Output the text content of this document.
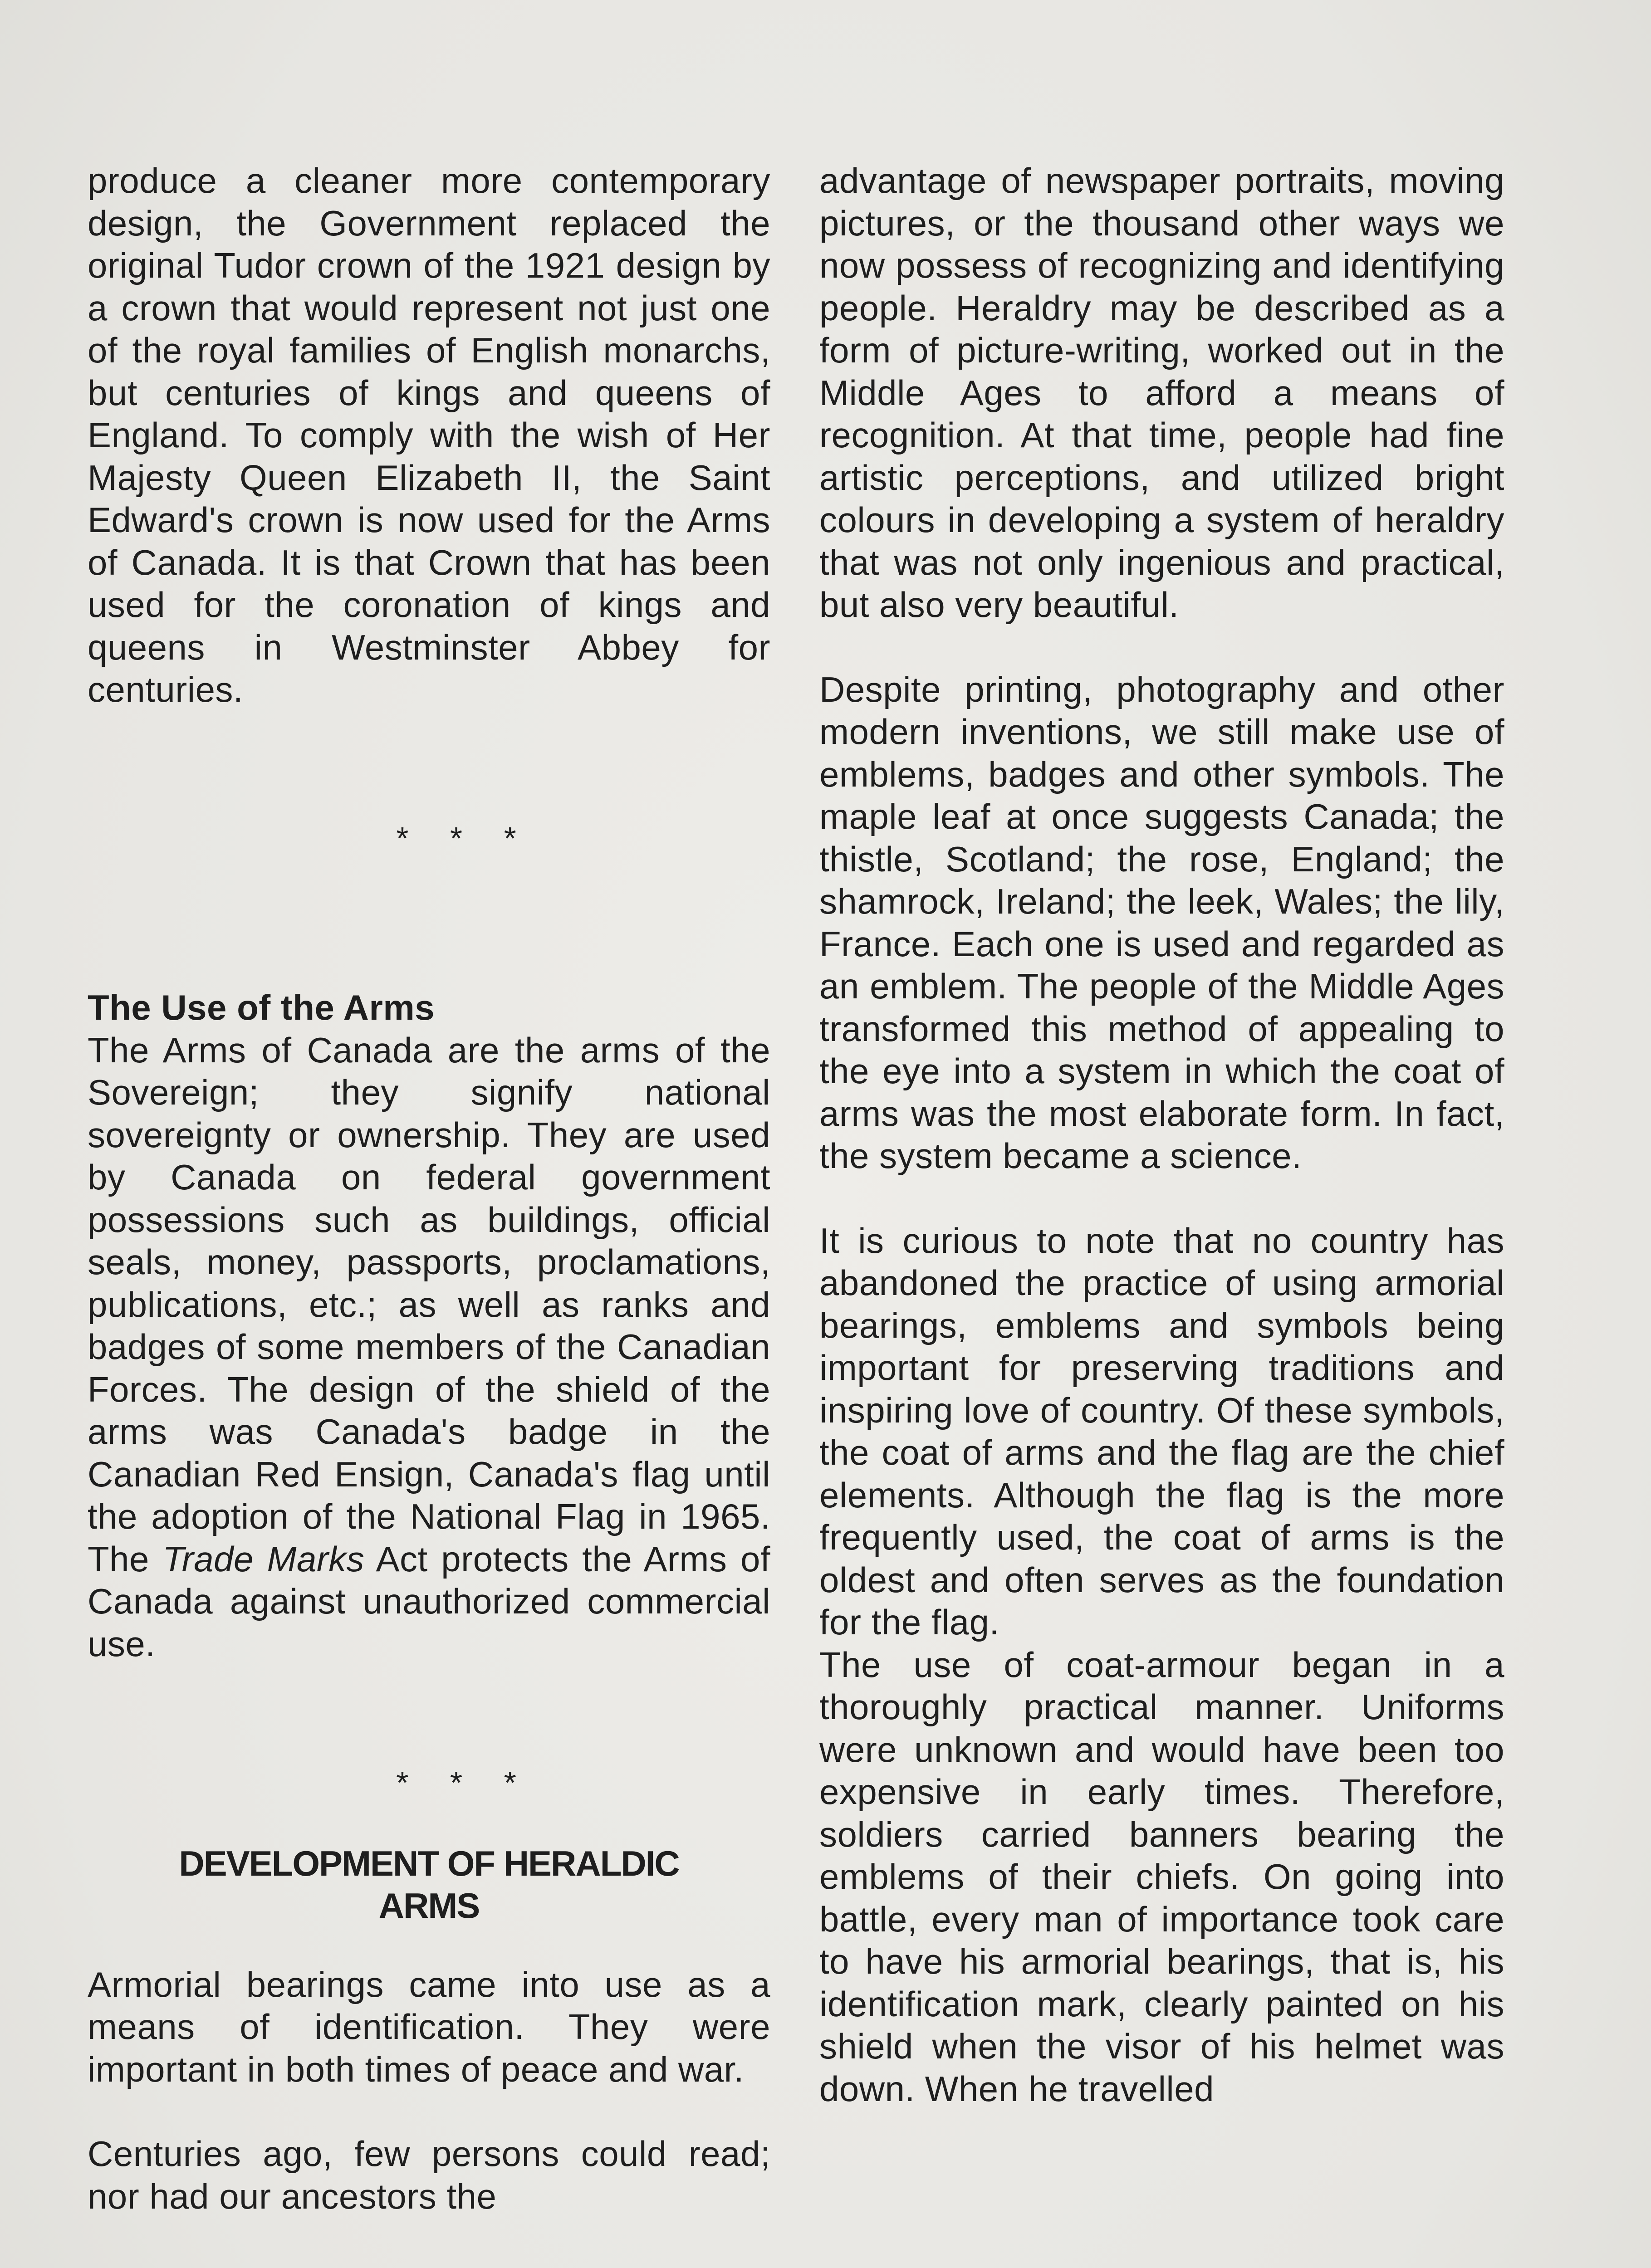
produce a cleaner more contemporary design, the Government replaced the original Tudor crown of the 1921 design by a crown that would represent not just one of the royal families of English monarchs, but centuries of kings and queens of England. To comply with the wish of Her Majesty Queen Elizabeth II, the Saint Edward's crown is now used for the Arms of Canada. It is that Crown that has been used for the coronation of kings and queens in Westminster Abbey for centuries.

* * *

The Use of the Arms

The Arms of Canada are the arms of the Sovereign; they signify national sovereignty or ownership. They are used by Canada on federal government possessions such as buildings, official seals, money, passports, proclamations, publications, etc.; as well as ranks and badges of some members of the Canadian Forces. The design of the shield of the arms was Canada's badge in the Canadian Red Ensign, Canada's flag until the adoption of the National Flag in 1965. The Trade Marks Act protects the Arms of Canada against unauthorized commercial use.

* * *

DEVELOPMENT OF HERALDIC

ARMS

Armorial bearings came into use as a means of identification. They were important in both times of peace and war.

Centuries ago, few persons could read; nor had our ancestors the

advantage of newspaper portraits, moving pictures, or the thousand other ways we now possess of recognizing and identifying people. Heraldry may be described as a form of picture-writing, worked out in the Middle Ages to afford a means of recognition. At that time, people had fine artistic perceptions, and utilized bright colours in developing a system of heraldry that was not only ingenious and practical, but also very beautiful.

Despite printing, photography and other modern inventions, we still make use of emblems, badges and other symbols. The maple leaf at once suggests Canada; the thistle, Scotland; the rose, England; the shamrock, Ireland; the leek, Wales; the lily, France. Each one is used and regarded as an emblem. The people of the Middle Ages transformed this method of appealing to the eye into a system in which the coat of arms was the most elaborate form. In fact, the system became a science.

It is curious to note that no country has abandoned the practice of using armorial bearings, emblems and symbols being important for preserving traditions and inspiring love of country. Of these symbols, the coat of arms and the flag are the chief elements. Although the flag is the more frequently used, the coat of arms is the oldest and often serves as the foundation for the flag.

The use of coat-armour began in a thoroughly practical manner. Uniforms were unknown and would have been too expensive in early times. Therefore, soldiers carried banners bearing the emblems of their chiefs. On going into battle, every man of importance took care to have his armorial bearings, that is, his identification mark, clearly painted on his shield when the visor of his helmet was down. When he travelled
